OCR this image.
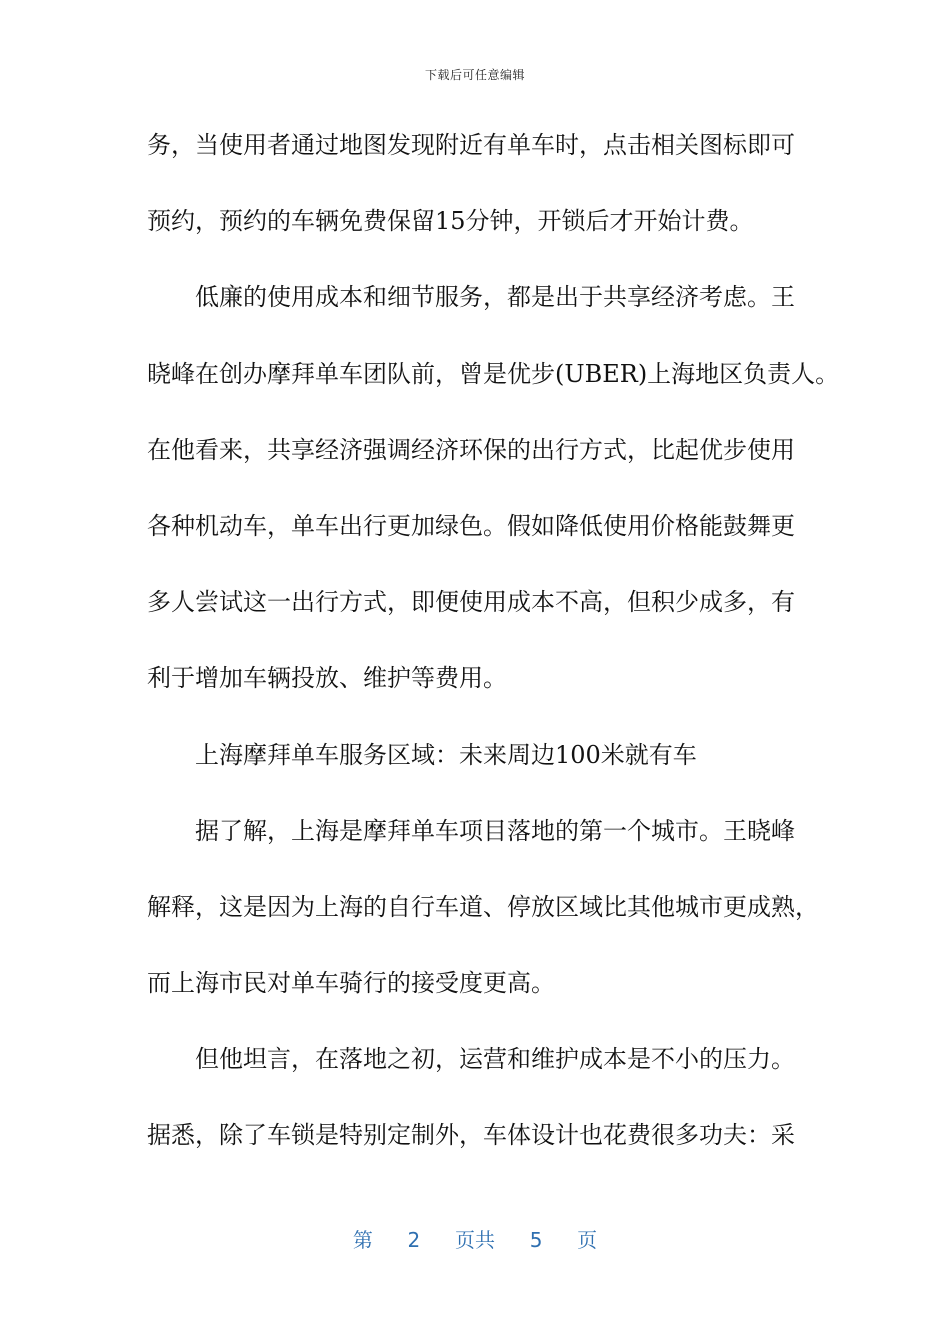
下载后可任意编辑
务，当使用者通过地图发现附近有单车时，点击相关图标即可
预约，预约的车辆免费保留15分钟，开锁后才开始计费。
低廉的使用成本和细节服务，都是出于共享经济考虑。王
晓峰在创办摩拜单车团队前，曾是优步(UBER)上海地区负责人。
在他看来，共享经济强调经济环保的出行方式，比起优步使用
各种机动车，单车出行更加绿色。假如降低使用价格能鼓舞更
多人尝试这一出行方式，即便使用成本不高，但积少成多，有
利于增加车辆投放、维护等费用。
上海摩拜单车服务区域：未来周边100米就有车
据了解，上海是摩拜单车项目落地的第一个城市。王晓峰
解释，这是因为上海的自行车道、停放区域比其他城市更成熟，
而上海市民对单车骑行的接受度更高。
但他坦言，在落地之初，运营和维护成本是不小的压力。
据悉，除了车锁是特别定制外，车体设计也花费很多功夫：采
第 2 页共 5 页
